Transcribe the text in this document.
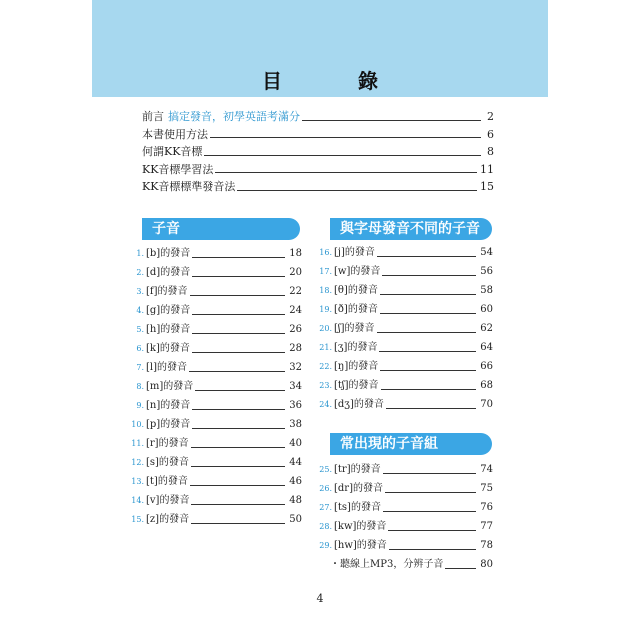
目　錄
前言 搞定發音，初學英語考滿分	2
本書使用方法	6
何謂KK音標	8
KK音標學習法	11
KK音標標準發音法	15
子音	與字母發音不同的子音
常出現的子音組
1. [b]的發音	18
2. [d]的發音	20
3. [f]的發音	22
4. [g]的發音	24
5. [h]的發音	26
6. [k]的發音	28
7. [l]的發音	32
8. [m]的發音	34
9. [n]的發音	36
10. [p]的發音	38
11. [r]的發音	40
12. [s]的發音	44
13. [t]的發音	46
14. [v]的發音	48
15. [z]的發音	50
16. [j]的發音	54
17. [w]的發音	56
18. [θ]的發音	58
19. [ð]的發音	60
20. [ʃ]的發音	62
21. [ʒ]的發音	64
22. [ŋ]的發音	66
23. [tʃ]的發音	68
24. [dʒ]的發音	70
25. [tr]的發音	74
26. [dr]的發音	75
27. [ts]的發音	76
28. [kw]的發音	77
29. [hw]的發音	78
・聽線上MP3，分辨子音	80
4
